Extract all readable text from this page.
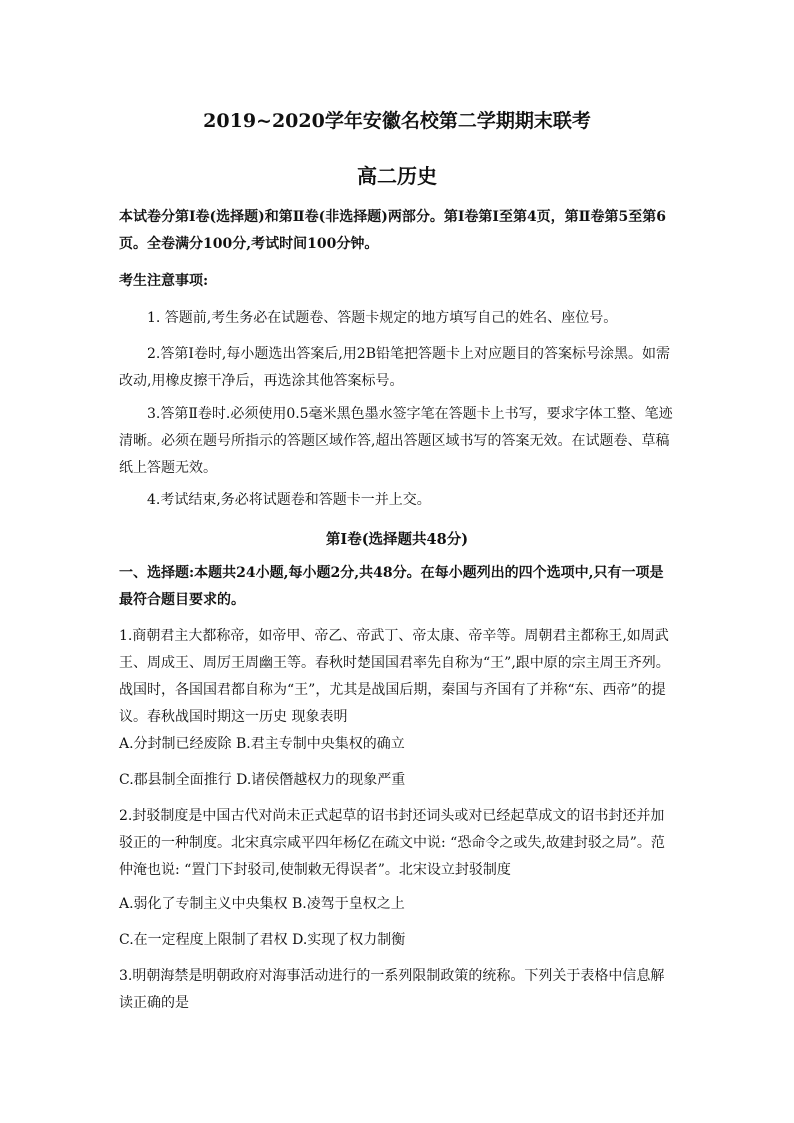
2019~2020学年安徽名校第二学期期末联考
高二历史
本试卷分第Ⅰ卷(选择题)和第Ⅱ卷(非选择题)两部分。第Ⅰ卷第Ⅰ至第4页，第Ⅱ卷第5至第6页。全卷满分100分,考试时间100分钟。
考生注意事项:
1. 答题前,考生务必在试题卷、答题卡规定的地方填写自己的姓名、座位号。
2.答第Ⅰ卷时,每小题选出答案后,用2B铅笔把答题卡上对应题目的答案标号涂黑。如需改动,用橡皮擦干净后，再选涂其他答案标号。
3.答第Ⅱ卷时.必须使用0.5毫米黑色墨水签字笔在答题卡上书写，要求字体工整、笔迹清晰。必须在题号所指示的答题区域作答,超出答题区域书写的答案无效。在试题卷、草稿纸上答题无效。
4.考试结束,务必将试题卷和答题卡一并上交。
第Ⅰ卷(选择题共48分)
一、选择题:本题共24小题,每小题2分,共48分。在每小题列出的四个选项中,只有一项是最符合题目要求的。
1.商朝君主大都称帝，如帝甲、帝乙、帝武丁、帝太康、帝辛等。周朝君主都称王,如周武王、周成王、周厉王周幽王等。春秋时楚国国君率先自称为“王”,跟中原的宗主周王齐列。战国时，各国国君都自称为“王”，尤其是战国后期，秦国与齐国有了并称“东、西帝”的提议。春秋战国时期这一历史 现象表明
A.分封制已经废除 B.君主专制中央集权的确立
C.郡县制全面推行 D.诸侯僭越权力的现象严重
2.封驳制度是中国古代对尚未正式起草的诏书封还词头或对已经起草成文的诏书封还并加驳正的一种制度。北宋真宗咸平四年杨亿在疏文中说: “恐命令之或失,故建封驳之局”。范仲淹也说: “置门下封驳司,使制敕无得误者”。北宋设立封驳制度
A.弱化了专制主义中央集权 B.凌驾于皇权之上
C.在一定程度上限制了君权 D.实现了权力制衡
3.明朝海禁是明朝政府对海事活动进行的一系列限制政策的统称。下列关于表格中信息解读正确的是
